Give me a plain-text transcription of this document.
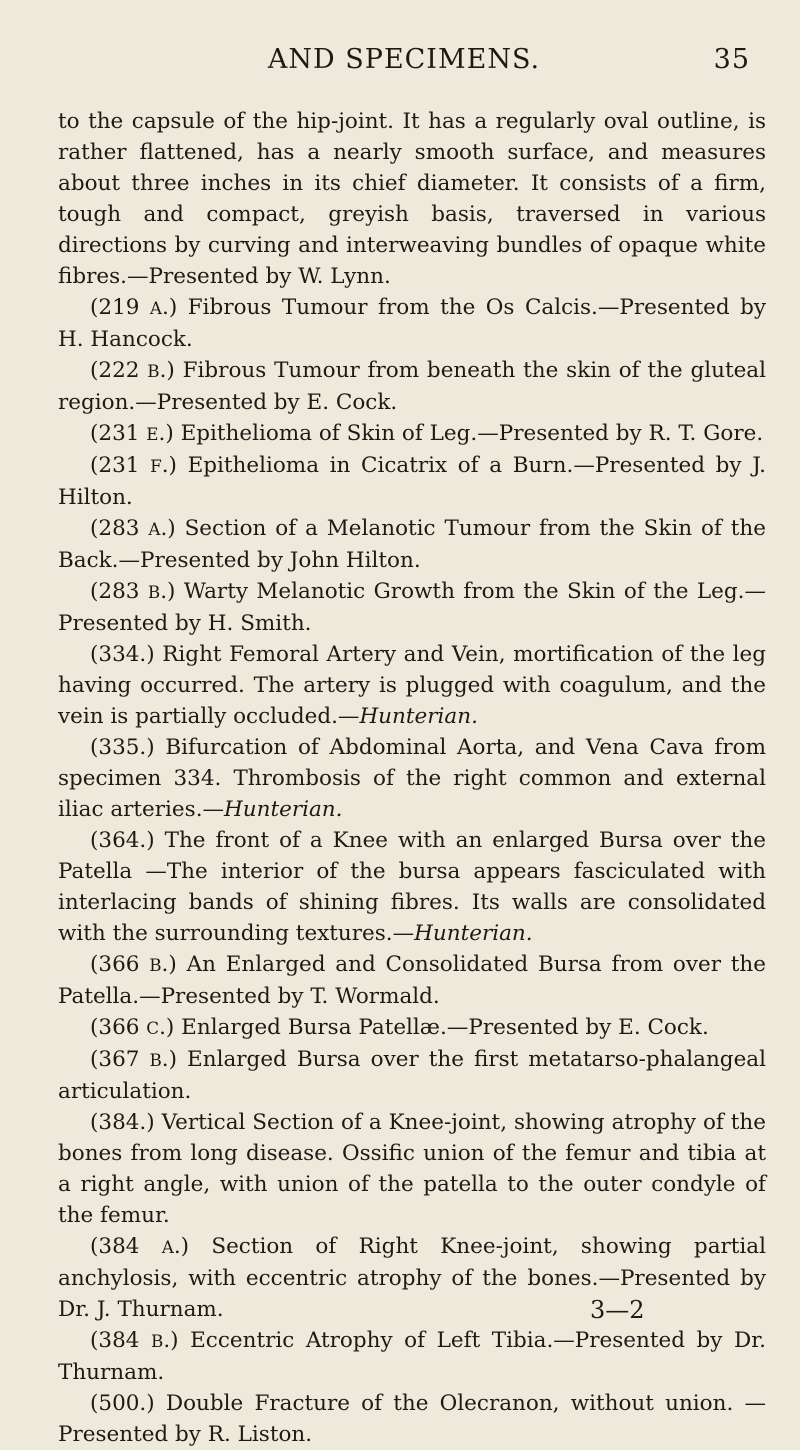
AND SPECIMENS.	35

to the capsule of the hip-joint. It has a regularly oval outline, is rather flattened, has a nearly smooth surface, and measures about three inches in its chief diameter. It consists of a firm, tough and compact, greyish basis, traversed in various directions by curving and interweaving bundles of opaque white fibres.—Presented by W. Lynn.

(219 A.) Fibrous Tumour from the Os Calcis.—Presented by H. Hancock.

(222 B.) Fibrous Tumour from beneath the skin of the gluteal region.—Presented by E. Cock.

(231 E.) Epithelioma of Skin of Leg.—Presented by R. T. Gore.

(231 F.) Epithelioma in Cicatrix of a Burn.—Presented by J. Hilton.

(283 A.) Section of a Melanotic Tumour from the Skin of the Back.—Presented by John Hilton.

(283 B.) Warty Melanotic Growth from the Skin of the Leg.—Presented by H. Smith.

(334.) Right Femoral Artery and Vein, mortification of the leg having occurred. The artery is plugged with coagulum, and the vein is partially occluded.—Hunterian.

(335.) Bifurcation of Abdominal Aorta, and Vena Cava from specimen 334. Thrombosis of the right common and external iliac arteries.—Hunterian.

(364.) The front of a Knee with an enlarged Bursa over the Patella —The interior of the bursa appears fasciculated with interlacing bands of shining fibres. Its walls are consolidated with the surrounding textures.—Hunterian.

(366 B.) An Enlarged and Consolidated Bursa from over the Patella.—Presented by T. Wormald.

(366 C.) Enlarged Bursa Patellæ.—Presented by E. Cock.

(367 B.) Enlarged Bursa over the first metatarso-phalangeal articulation.

(384.) Vertical Section of a Knee-joint, showing atrophy of the bones from long disease. Ossific union of the femur and tibia at a right angle, with union of the patella to the outer condyle of the femur.

(384 A.) Section of Right Knee-joint, showing partial anchylosis, with eccentric atrophy of the bones.—Presented by Dr. J. Thurnam.

(384 B.) Eccentric Atrophy of Left Tibia.—Presented by Dr. Thurnam.

(500.) Double Fracture of the Olecranon, without union. —Presented by R. Liston.

3—2
